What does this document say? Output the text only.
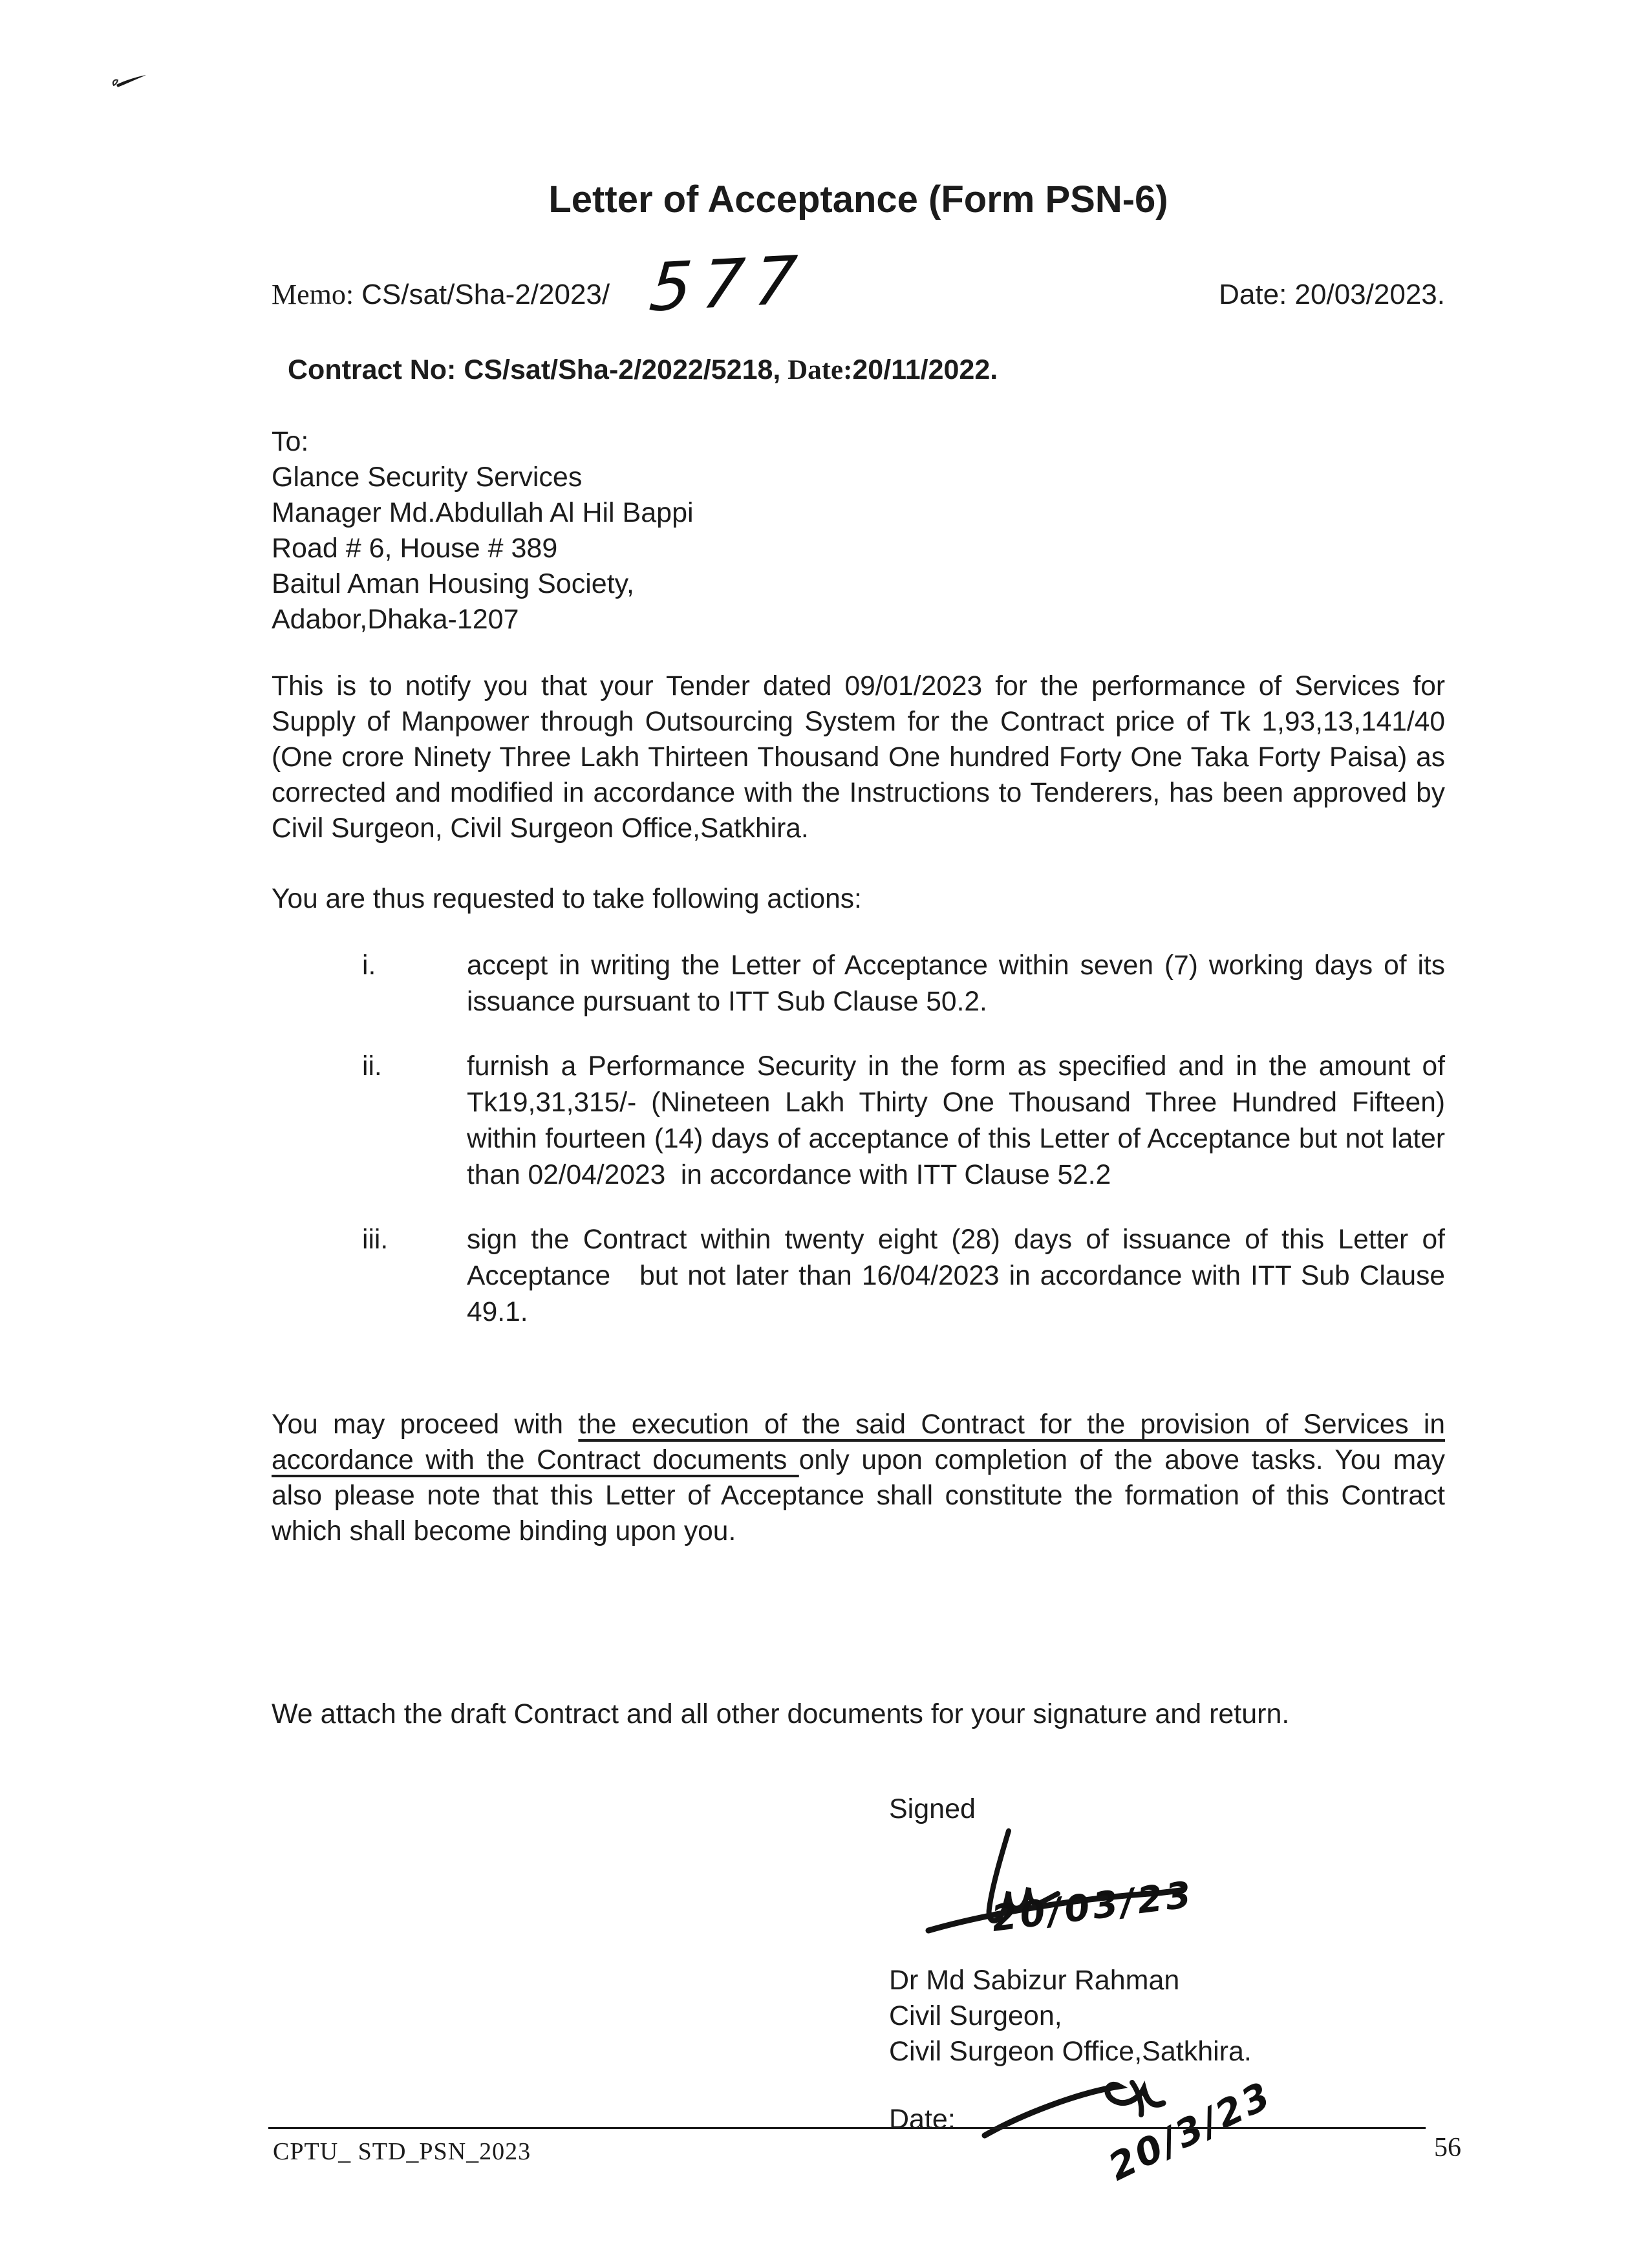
Letter of Acceptance (Form PSN-6)
Memo: CS/sat/Sha-2/2023/ 577	Date: 20/03/2023.
Contract No: CS/sat/Sha-2/2022/5218, Date:20/11/2022.
To:
Glance Security Services
Manager Md.Abdullah Al Hil Bappi
Road # 6, House # 389
Baitul Aman Housing Society,
Adabor,Dhaka-1207

This is to notify you that your Tender dated 09/01/2023 for the performance of Services for Supply of Manpower through Outsourcing System for the Contract price of Tk 1,93,13,141/40 (One crore Ninety Three Lakh Thirteen Thousand One hundred Forty One Taka Forty Paisa) as corrected and modified in accordance with the Instructions to Tenderers, has been approved by Civil Surgeon, Civil Surgeon Office,Satkhira.

You are thus requested to take following actions:

i.	accept in writing the Letter of Acceptance within seven (7) working days of its issuance pursuant to ITT Sub Clause 50.2.
ii.	furnish a Performance Security in the form as specified and in the amount of Tk19,31,315/- (Nineteen Lakh Thirty One Thousand Three Hundred Fifteen) within fourteen (14) days of acceptance of this Letter of Acceptance but not later than 02/04/2023  in accordance with ITT Clause 52.2
iii.	sign the Contract within twenty eight (28) days of issuance of this Letter of Acceptance   but not later than 16/04/2023 in accordance with ITT Sub Clause 49.1.

You may proceed with the execution of the said Contract for the provision of Services in accordance with the Contract documents only upon completion of the above tasks. You may also please note that this Letter of Acceptance shall constitute the formation of this Contract which shall become binding upon you.

We attach the draft Contract and all other documents for your signature and return.

Signed
20/03/23
Dr Md Sabizur Rahman
Civil Surgeon,
Civil Surgeon Office,Satkhira.
Date:	20/3/23
CPTU_ STD_PSN_2023	56
